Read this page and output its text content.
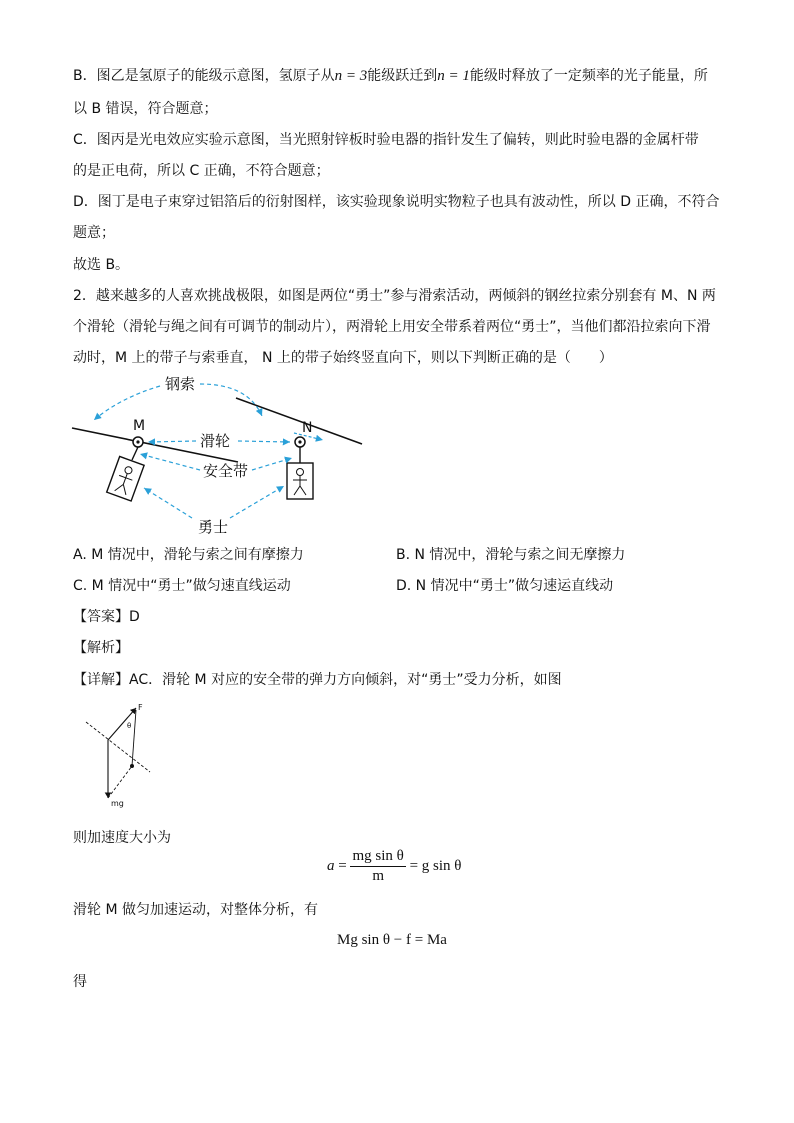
B．图乙是氢原子的能级示意图，氢原子从n = 3能级跃迁到n = 1能级时释放了一定频率的光子能量，所
以 B 错误，符合题意；
C．图丙是光电效应实验示意图，当光照射锌板时验电器的指针发生了偏转，则此时验电器的金属杆带
的是正电荷，所以 C 正确，不符合题意；
D．图丁是电子束穿过铝箔后的衍射图样，该实验现象说明实物粒子也具有波动性，所以 D 正确，不符合
题意；
故选 B。
2．越来越多的人喜欢挑战极限，如图是两位“勇士”参与滑索活动，两倾斜的钢丝拉索分别套有 M、N 两
个滑轮（滑轮与绳之间有可调节的制动片），两滑轮上用安全带系着两位“勇士”，当他们都沿拉索向下滑
动时，M 上的带子与索垂直， N 上的带子始终竖直向下，则以下判断正确的是（　　）
M	N
钢索
滑轮
安全带
勇士
A. M 情况中，滑轮与索之间有摩擦力	B. N 情况中，滑轮与索之间无摩擦力
C. M 情况中“勇士”做匀速直线运动	D. N 情况中“勇士”做匀速运直线动
【答案】D
【解析】
【详解】AC．滑轮 M 对应的安全带的弹力方向倾斜，对“勇士”受力分析，如图
F
θ
mg
则加速度大小为
$a = \frac{\text{mg sin θ}}{m} = g$ sin θ
滑轮 M 做匀加速运动，对整体分析，有
Mg sin θ − f = Ma
得
